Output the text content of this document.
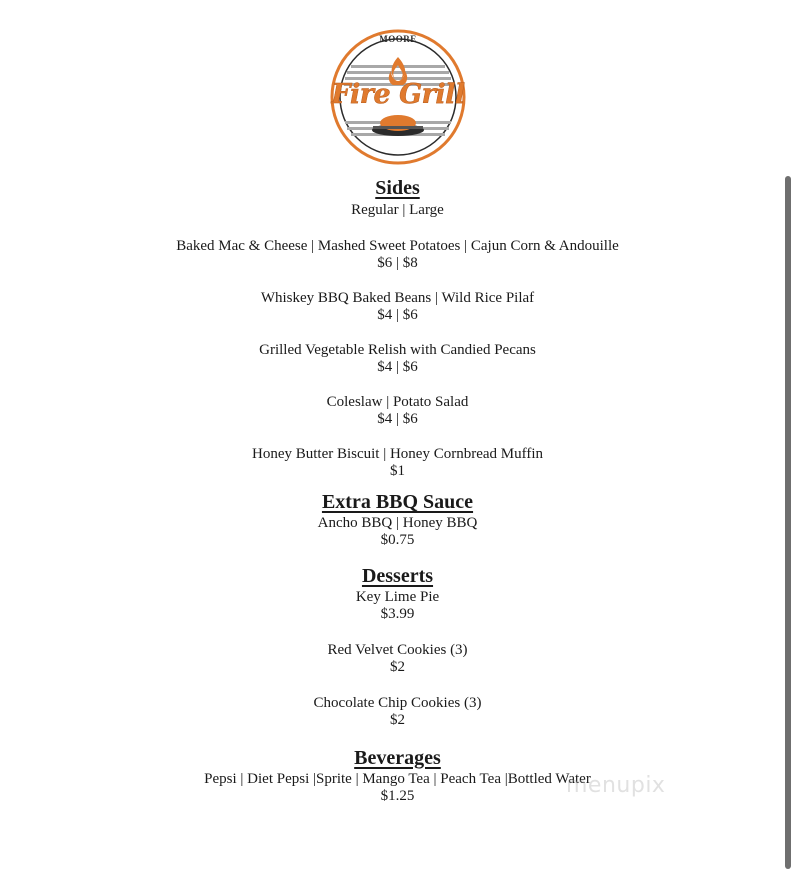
MOORE
Fire Grill
Sides
Regular | Large
Baked Mac & Cheese | Mashed Sweet Potatoes | Cajun Corn & Andouille
$6 | $8
Whiskey BBQ Baked Beans | Wild Rice Pilaf
$4 | $6
Grilled Vegetable Relish with Candied Pecans
$4 | $6
Coleslaw | Potato Salad
$4 | $6
Honey Butter Biscuit | Honey Cornbread Muffin
$1
Extra BBQ Sauce
Ancho BBQ | Honey BBQ
$0.75
Desserts
Key Lime Pie
$3.99
Red Velvet Cookies (3)
$2
Chocolate Chip Cookies (3)
$2
Beverages
Pepsi | Diet Pepsi |Sprite | Mango Tea | Peach Tea |Bottled Water
$1.25	menupix
